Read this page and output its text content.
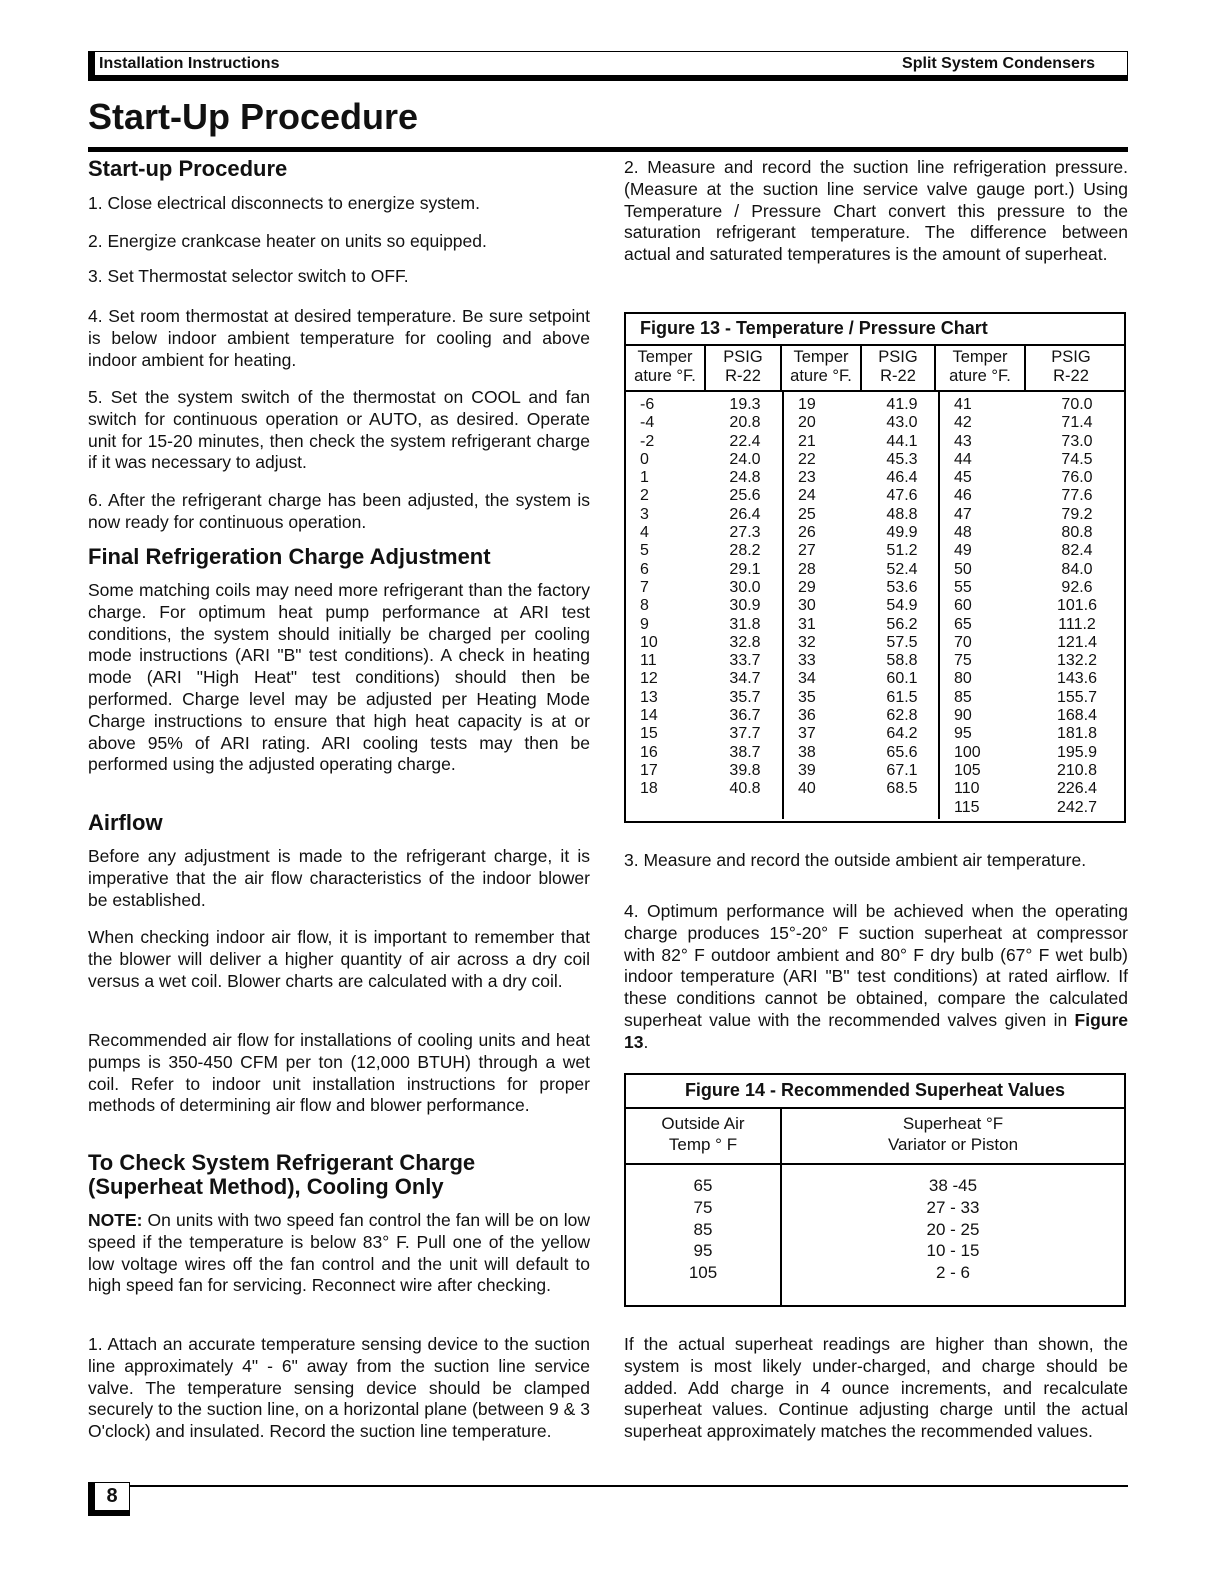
Installation Instructions	Split System Condensers
Start-Up Procedure
Start-up Procedure

1. Close electrical disconnects to energize system.

2. Energize crankcase heater on units so equipped.

3. Set Thermostat selector switch to OFF.

4. Set room thermostat at desired temperature. Be sure setpoint is below indoor ambient temperature for cooling and above indoor ambient for heating.

5. Set the system switch of the thermostat on COOL and fan switch for continuous operation or AUTO, as desired. Operate unit for 15-20 minutes, then check the system refrigerant charge if it was necessary to adjust.

6. After the refrigerant charge has been adjusted, the system is now ready for continuous operation.

Final Refrigeration Charge Adjustment

Some matching coils may need more refrigerant than the factory charge. For optimum heat pump performance at ARI test conditions, the system should initially be charged per cooling mode instructions (ARI "B" test conditions). A check in heating mode (ARI "High Heat" test conditions) should then be performed. Charge level may be adjusted per Heating Mode Charge instructions to ensure that high heat capacity is at or above 95% of ARI rating. ARI cooling tests may then be performed using the adjusted operating charge.

Airflow

Before any adjustment is made to the refrigerant charge, it is imperative that the air flow characteristics of the indoor blower be established.

When checking indoor air flow, it is important to remember that the blower will deliver a higher quantity of air across a dry coil versus a wet coil. Blower charts are calculated with a dry coil.

Recommended air flow for installations of cooling units and heat pumps is 350-450 CFM per ton (12,000 BTUH) through a wet coil. Refer to indoor unit installation instructions for proper methods of determining air flow and blower performance.

To Check System Refrigerant Charge (Superheat Method), Cooling Only

NOTE: On units with two speed fan control the fan will be on low speed if the temperature is below 83° F. Pull one of the yellow low voltage wires off the fan control and the unit will default to high speed fan for servicing. Reconnect wire after checking.

1. Attach an accurate temperature sensing device to the suction line approximately 4" - 6" away from the suction line service valve. The temperature sensing device should be clamped securely to the suction line, on a horizontal plane (between 9 & 3 O'clock) and insulated. Record the suction line temperature.

2. Measure and record the suction line refrigeration pressure. (Measure at the suction line service valve gauge port.) Using Temperature / Pressure Chart convert this pressure to the saturation refrigerant temperature. The difference between actual and saturated temperatures is the amount of superheat.

Figure 13 - Temperature / Pressure Chart
Temper
ature °F.
PSIG
R-22
Temper
ature °F.
PSIG
R-22
Temper
ature °F.
PSIG
R-22
-6
-4
-2
0
1
2
3
4
5
6
7
8
9
10
11
12
13
14
15
16
17
18
19.3
20.8
22.4
24.0
24.8
25.6
26.4
27.3
28.2
29.1
30.0
30.9
31.8
32.8
33.7
34.7
35.7
36.7
37.7
38.7
39.8
40.8
19
20
21
22
23
24
25
26
27
28
29
30
31
32
33
34
35
36
37
38
39
40
41.9
43.0
44.1
45.3
46.4
47.6
48.8
49.9
51.2
52.4
53.6
54.9
56.2
57.5
58.8
60.1
61.5
62.8
64.2
65.6
67.1
68.5
41
42
43
44
45
46
47
48
49
50
55
60
65
70
75
80
85
90
95
100
105
110
115
70.0
71.4
73.0
74.5
76.0
77.6
79.2
80.8
82.4
84.0
92.6
101.6
111.2
121.4
132.2
143.6
155.7
168.4
181.8
195.9
210.8
226.4
242.7

3. Measure and record the outside ambient air temperature.

4. Optimum performance will be achieved when the operating charge produces 15°-20° F suction superheat at compressor with 82° F outdoor ambient and 80° F dry bulb (67° F wet bulb) indoor temperature (ARI "B" test conditions) at rated airflow. If these conditions cannot be obtained, compare the calculated superheat value with the recommended valves given in Figure 13.

Figure 14 - Recommended Superheat Values
Outside Air
Temp ° F
Superheat °F
Variator or Piston
65
75
85
95
105
38 -45
27 - 33
20 - 25
10 - 15
2 - 6

If the actual superheat readings are higher than shown, the system is most likely under-charged, and charge should be added. Add charge in 4 ounce increments, and recalculate superheat values. Continue adjusting charge until the actual superheat approximately matches the recommended values.

8
